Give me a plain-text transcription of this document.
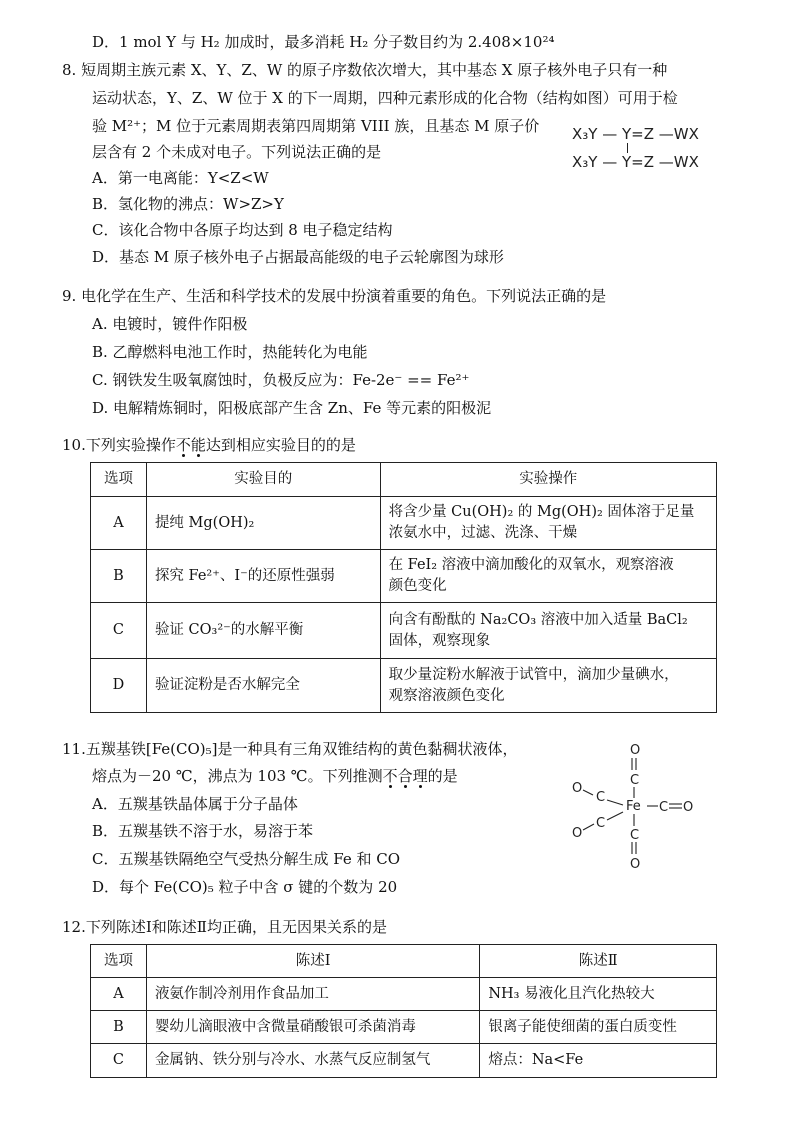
D．1 mol Y 与 H₂ 加成时，最多消耗 H₂ 分子数目约为 2.408×10²⁴
8. 短周期主族元素 X、Y、Z、W 的原子序数依次增大，其中基态 X 原子核外电子只有一种
运动状态，Y、Z、W 位于 X 的下一周期，四种元素形成的化合物（结构如图）可用于检
验 M²⁺；M 位于元素周期表第四周期第 VIII 族，且基态 M 原子价
层含有 2 个未成对电子。下列说法正确的是
A．第一电离能：Y<Z<W
B．氢化物的沸点：W>Z>Y
C．该化合物中各原子均达到 8 电子稳定结构
D．基态 M 原子核外电子占据最高能级的电子云轮廓图为球形
X₃Y — Y=Z —WX
X₃Y — Y=Z —WX
9. 电化学在生产、生活和科学技术的发展中扮演着重要的角色。下列说法正确的是
A. 电镀时，镀件作阳极
B. 乙醇燃料电池工作时，热能转化为电能
C. 钢铁发生吸氧腐蚀时，负极反应为：Fe-2e⁻ == Fe²⁺
D. 电解精炼铜时，阳极底部产生含 Zn、Fe 等元素的阳极泥
10.下列实验操作不能达到相应实验目的的是
选项	实验目的	实验操作
A	提纯 Mg(OH)₂	将含少量 Cu(OH)₂ 的 Mg(OH)₂ 固体溶于足量
浓氨水中，过滤、洗涤、干燥

B	探究 Fe²⁺、I⁻的还原性强弱	在 FeI₂ 溶液中滴加酸化的双氧水，观察溶液
颜色变化

C	验证 CO₃²⁻的水解平衡	向含有酚酞的 Na₂CO₃ 溶液中加入适量 BaCl₂
固体，观察现象

D	验证淀粉是否水解完全	取少量淀粉水解液于试管中，滴加少量碘水，
观察溶液颜色变化
11.五羰基铁[Fe(CO)₅]是一种具有三角双锥结构的黄色黏稠状液体，
熔点为－20 ℃，沸点为 103 ℃。下列推测不合理的是
A．五羰基铁晶体属于分子晶体
B．五羰基铁不溶于水，易溶于苯
C．五羰基铁隔绝空气受热分解生成 Fe 和 CO
D．每个 Fe(CO)₅ 粒子中含 σ 键的个数为 20
O
C
Fe
C
O
C O
O
C
C
O
12.下列陈述Ⅰ和陈述Ⅱ均正确，且无因果关系的是
选项	陈述Ⅰ	陈述Ⅱ
A	液氨作制冷剂用作食品加工	NH₃ 易液化且汽化热较大
B	婴幼儿滴眼液中含微量硝酸银可杀菌消毒	银离子能使细菌的蛋白质变性
C	金属钠、铁分别与冷水、水蒸气反应制氢气	熔点：Na<Fe
